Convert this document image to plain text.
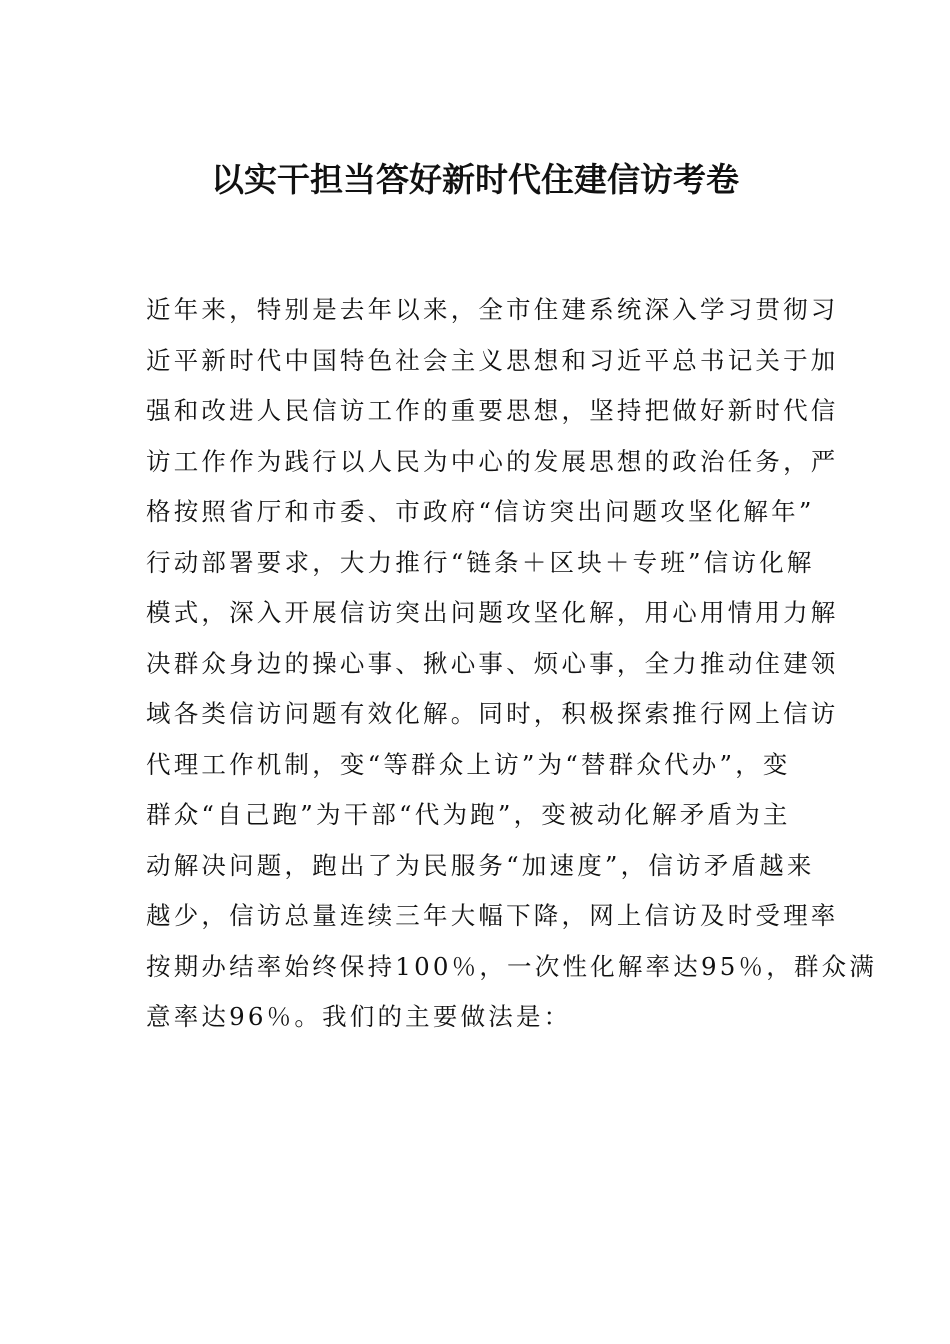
以实干担当答好新时代住建信访考卷
近年来，特别是去年以来，全市住建系统深入学习贯彻习
近平新时代中国特色社会主义思想和习近平总书记关于加
强和改进人民信访工作的重要思想，坚持把做好新时代信
访工作作为践行以人民为中心的发展思想的政治任务，严
格按照省厅和市委、市政府“信访突出问题攻坚化解年”
行动部署要求，大力推行“链条＋区块＋专班”信访化解
模式，深入开展信访突出问题攻坚化解，用心用情用力解
决群众身边的操心事、揪心事、烦心事，全力推动住建领
域各类信访问题有效化解。同时，积极探索推行网上信访
代理工作机制，变“等群众上访”为“替群众代办”，变
群众“自己跑”为干部“代为跑”，变被动化解矛盾为主
动解决问题，跑出了为民服务“加速度”，信访矛盾越来
越少，信访总量连续三年大幅下降，网上信访及时受理率
按期办结率始终保持100％，一次性化解率达95％，群众满
意率达96％。我们的主要做法是：
